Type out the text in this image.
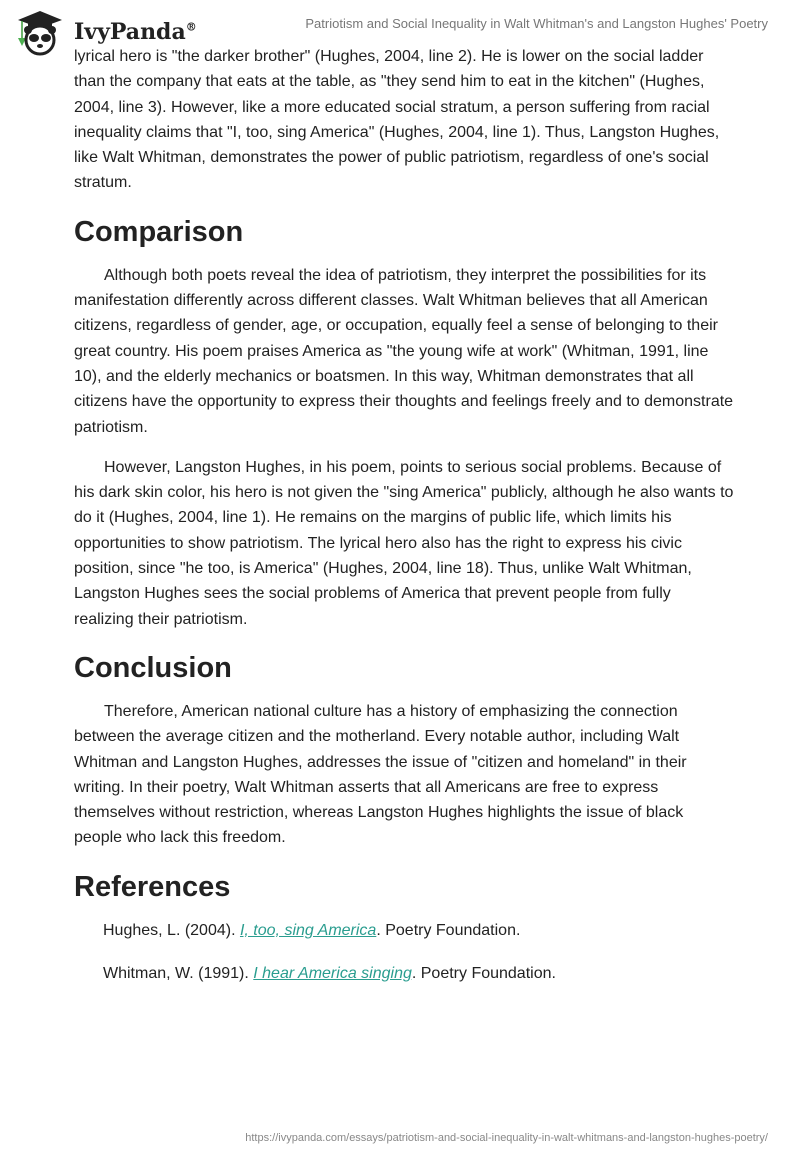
IvyPanda®	Patriotism and Social Inequality in Walt Whitman's and Langston Hughes' Poetry

lyrical hero is "the darker brother" (Hughes, 2004, line 2). He is lower on the social ladder than the company that eats at the table, as "they send him to eat in the kitchen" (Hughes, 2004, line 3). However, like a more educated social stratum, a person suffering from racial inequality claims that "I, too, sing America" (Hughes, 2004, line 1). Thus, Langston Hughes, like Walt Whitman, demonstrates the power of public patriotism, regardless of one's social stratum.

Comparison

Although both poets reveal the idea of patriotism, they interpret the possibilities for its manifestation differently across different classes. Walt Whitman believes that all American citizens, regardless of gender, age, or occupation, equally feel a sense of belonging to their great country. His poem praises America as "the young wife at work" (Whitman, 1991, line 10), and the elderly mechanics or boatsmen. In this way, Whitman demonstrates that all citizens have the opportunity to express their thoughts and feelings freely and to demonstrate patriotism.

However, Langston Hughes, in his poem, points to serious social problems. Because of his dark skin color, his hero is not given the "sing America" publicly, although he also wants to do it (Hughes, 2004, line 1). He remains on the margins of public life, which limits his opportunities to show patriotism. The lyrical hero also has the right to express his civic position, since "he too, is America" (Hughes, 2004, line 18). Thus, unlike Walt Whitman, Langston Hughes sees the social problems of America that prevent people from fully realizing their patriotism.

Conclusion

Therefore, American national culture has a history of emphasizing the connection between the average citizen and the motherland. Every notable author, including Walt Whitman and Langston Hughes, addresses the issue of "citizen and homeland" in their writing. In their poetry, Walt Whitman asserts that all Americans are free to express themselves without restriction, whereas Langston Hughes highlights the issue of black people who lack this freedom.

References
Hughes, L. (2004). I, too, sing America. Poetry Foundation.
Whitman, W. (1991). I hear America singing. Poetry Foundation.
https://ivypanda.com/essays/patriotism-and-social-inequality-in-walt-whitmans-and-langston-hughes-poetry/
